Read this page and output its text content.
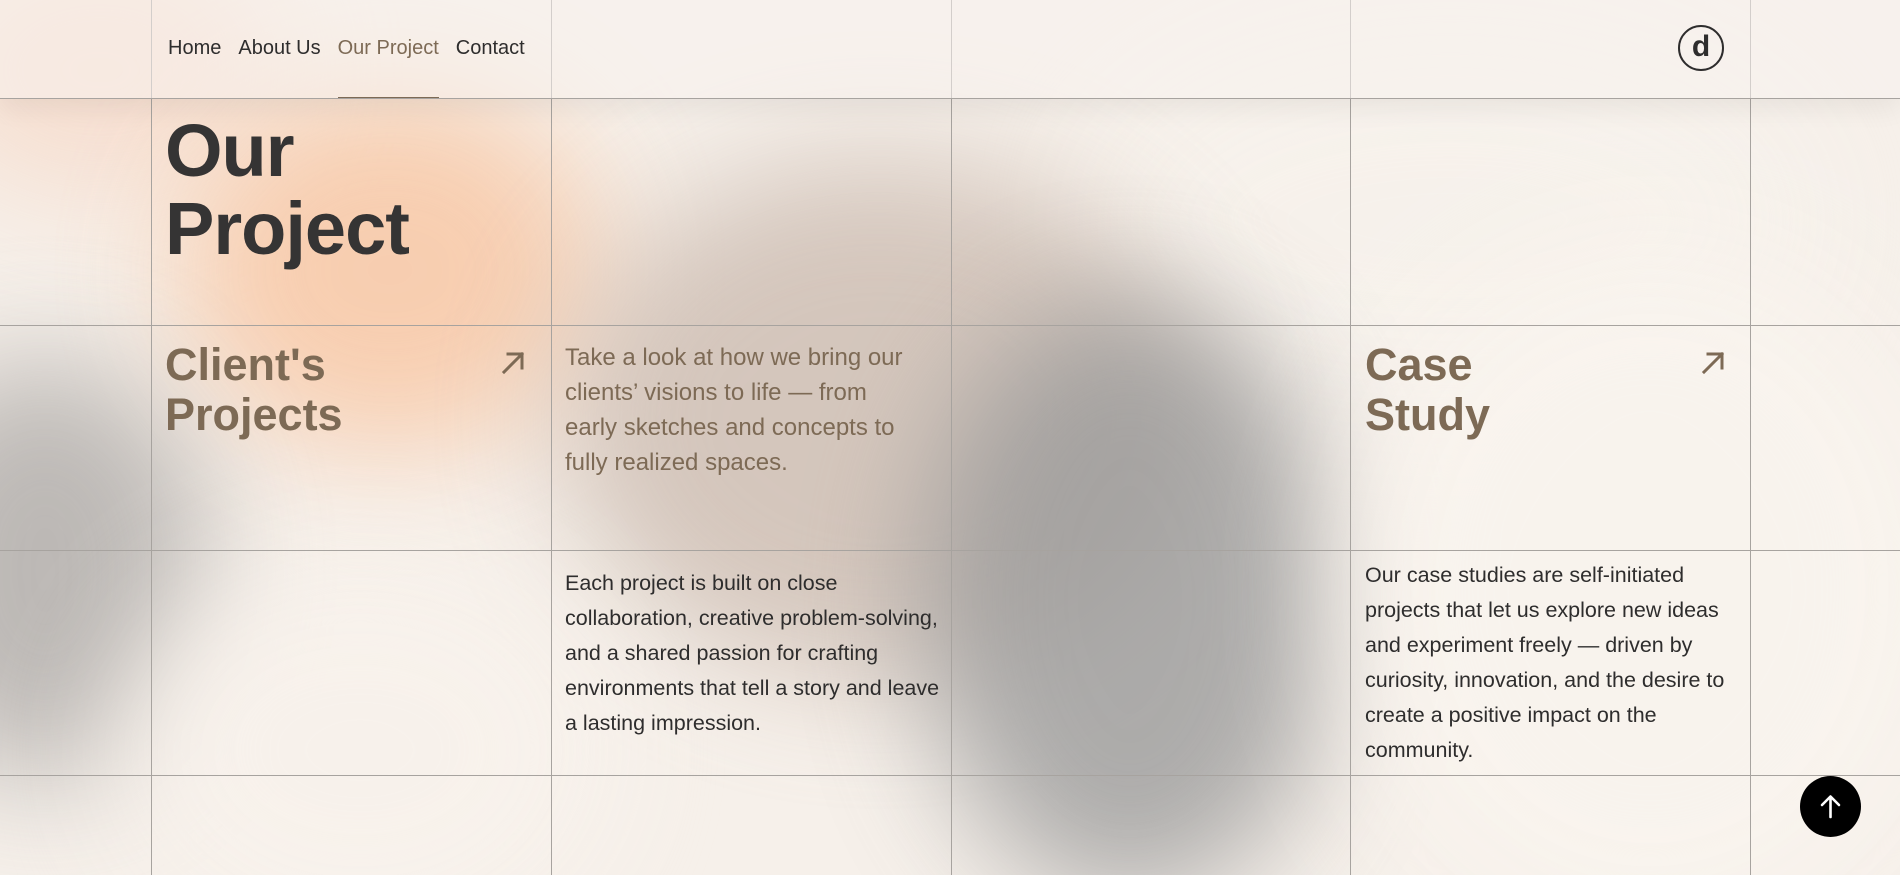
Home About Us Our Project Contact	d
Our
Project
Client's
Projects

Take a look at how we bring our clients’ visions to life — from early sketches and concepts to fully realized spaces.

Each project is built on close collaboration, creative problem-solving, and a shared passion for crafting environments that tell a story and leave a lasting impression.

Case
Study

Our case studies are self-initiated projects that let us explore new ideas and experiment freely — driven by curiosity, innovation, and the desire to create a positive impact on the community.
